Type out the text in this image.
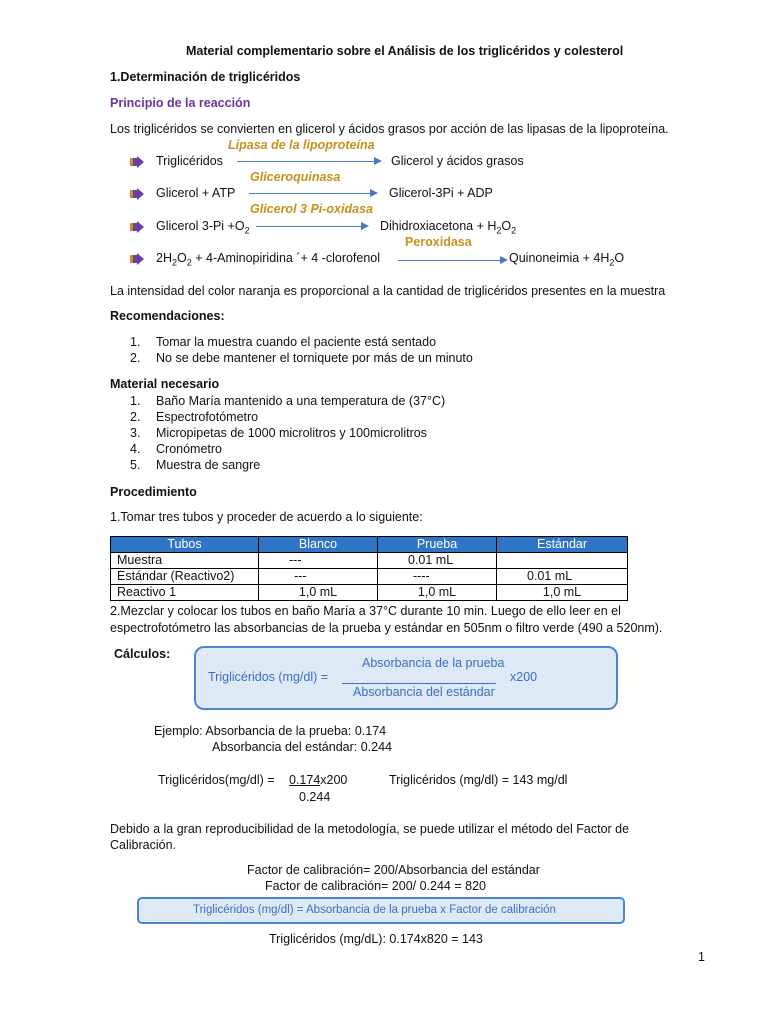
Material complementario sobre el Análisis de los triglicéridos y colesterol
1.Determinación de triglicéridos
Principio de la reacción
Los triglicéridos se convierten en glicerol y ácidos grasos por acción de las lipasas de la lipoproteína.
Lipasa de la lipoproteína
Triglicéridos	Glicerol y ácidos grasos
Gliceroquinasa
Glicerol + ATP	Glicerol-3Pi + ADP
Glicerol 3 Pi-oxidasa
Glicerol $3-Pi +O_2$	Dihidroxiacetona + $H_2O_2$
Peroxidasa
$2H_2O_2$ + 4-Aminopiridina ´+ 4 -clorofenol	Quinoneimia + $4H_2O$
La intensidad del color naranja es proporcional a la cantidad de triglicéridos presentes en la muestra
Recomendaciones:
1. Tomar la muestra cuando el paciente está sentado
2. No se debe mantener el torniquete por más de un minuto
Material necesario
1. Baño María mantenido a una temperatura de (37°C)
2. Espectrofotómetro
3. Micropipetas de 1000 microlitros y 100microlitros
4. Cronómetro
5. Muestra de sangre
Procedimiento
1.Tomar tres tubos y proceder de acuerdo a lo siguiente:
Tubos	Blanco	Prueba	Estándar
Muestra	---	0.01 mL	
Estándar (Reactivo2)	---	----	0.01 mL
Reactivo 1	1,0 mL	1,0 mL	1,0 mL
2.Mezclar y colocar los tubos en baño María a 37°C durante 10 min. Luego de ello leer en el
espectrofotómetro las absorbancias de la prueba y estándar en 505nm o filtro verde (490 a 520nm).
Cálculos:
Absorbancia de la prueba
Triglicéridos (mg/dl) =	x200
Absorbancia del estándar
Ejemplo: Absorbancia de la prueba: 0.174
Absorbancia del estándar: 0.244
Triglicéridos(mg/dl) = 0.174x200
0.244
Triglicéridos (mg/dl) = 143 mg/dl
Debido a la gran reproducibilidad de la metodología, se puede utilizar el método del Factor de
Calibración.
Factor de calibración= 200/Absorbancia del estándar
Factor de calibración= 200/ 0.244 = 820
Triglicéridos (mg/dl) = Absorbancia de la prueba x Factor de calibración
Triglicéridos (mg/dL): 0.174x820 = 143
1
